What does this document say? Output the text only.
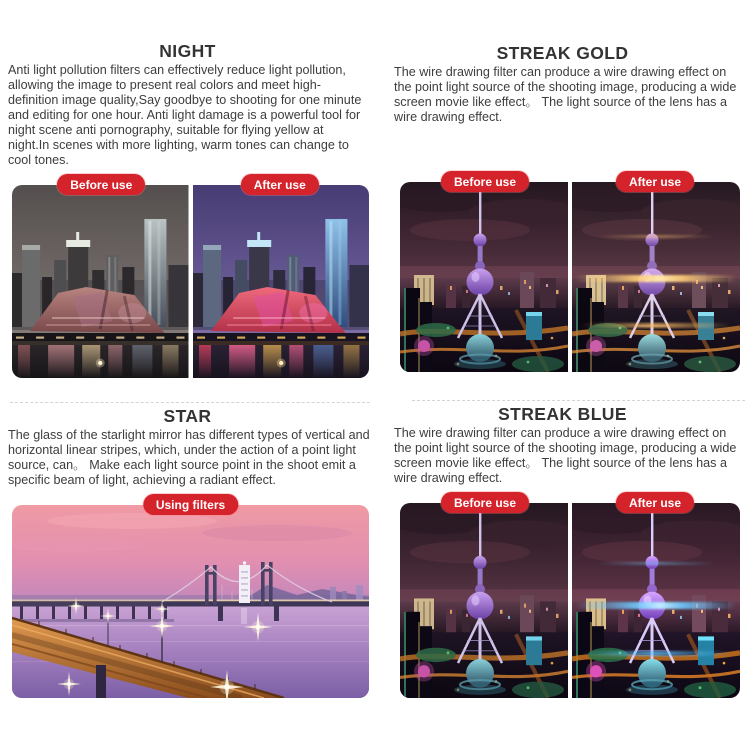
NIGHT
Anti light pollution filters can effectively reduce light pollution, allowing the image to present real colors and meet high-definition image quality,Say goodbye to shooting for one minute and editing for one hour. Anti light damage is a powerful tool for night scene anti pornography, suitable for flying yellow at night.In scenes with more lighting, warm tones can change to cool tones.
Before use	After use
STREAK GOLD
The wire drawing filter can produce a wire drawing effect on the point light source of the shooting image, producing a wide screen movie like effect。 The light source of the lens has a wire drawing effect.
Before use	After use
STAR
The glass of the starlight mirror has different types of vertical and horizontal linear stripes, which, under the action of a point light source, can。 Make each light source point in the shoot emit a specific beam of light, achieving a radiant effect.
Using filters
STREAK BLUE
The wire drawing filter can produce a wire drawing effect on the point light source of the shooting image, producing a wide screen movie like effect。 The light source of the lens has a wire drawing effect.
Before use	After use
